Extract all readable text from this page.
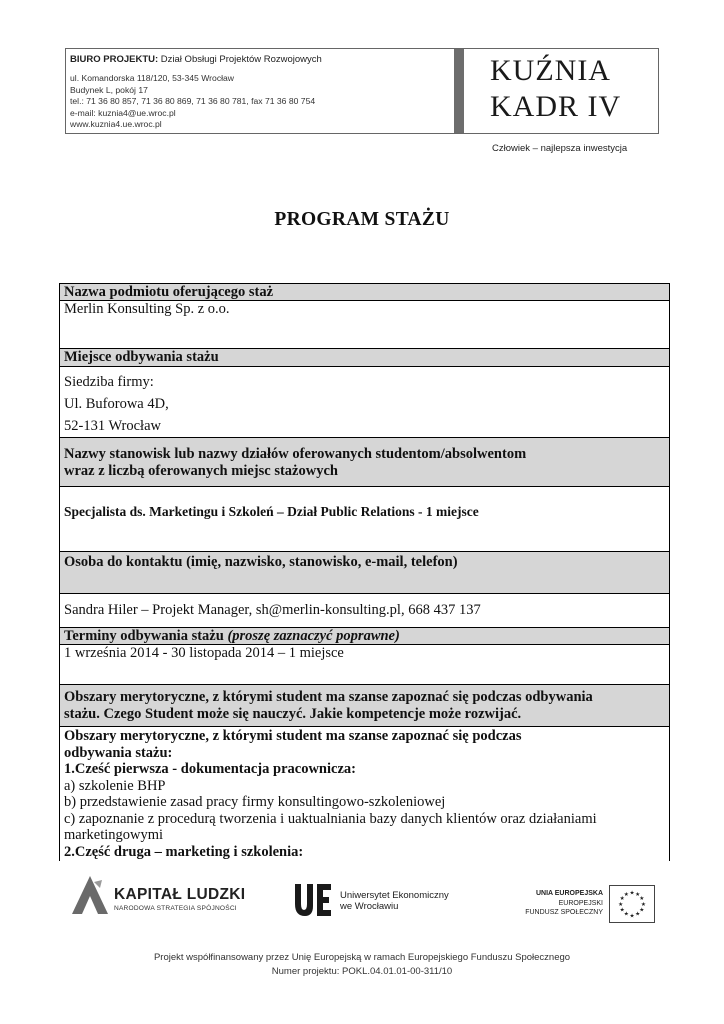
BIURO PROJEKTU: Dział Obsługi Projektów Rozwojowych
ul. Komandorska 118/120, 53-345 Wrocław
Budynek L, pokój 17
tel.: 71 36 80 857, 71 36 80 869, 71 36 80 781, fax 71 36 80 754
e-mail: kuznia4@ue.wroc.pl
www.kuznia4.ue.wroc.pl
KUŹNIA
KADR IV
Człowiek – najlepsza inwestycja
PROGRAM STAŻU
Nazwa podmiotu oferującego staż
Merlin Konsulting Sp. z o.o.
Miejsce odbywania stażu
Siedziba firmy:
Ul. Buforowa 4D,
52-131 Wrocław
Nazwy stanowisk lub nazwy działów oferowanych studentom/absolwentom
wraz z liczbą oferowanych miejsc stażowych
Specjalista ds. Marketingu i Szkoleń – Dział Public Relations - 1 miejsce
Osoba do kontaktu (imię, nazwisko, stanowisko, e-mail, telefon)
Sandra Hiler – Projekt Manager, sh@merlin-konsulting.pl, 668 437 137
Terminy odbywania stażu (proszę zaznaczyć poprawne)
1 września 2014 - 30 listopada 2014 – 1 miejsce
Obszary merytoryczne, z którymi student ma szanse zapoznać się podczas odbywania
stażu. Czego Student może się nauczyć. Jakie kompetencje może rozwijać.
Obszary merytoryczne, z którymi student ma szanse zapoznać się podczas
odbywania stażu:
1.Cześć pierwsza - dokumentacja pracownicza:
a) szkolenie BHP
b) przedstawienie zasad pracy firmy konsultingowo-szkoleniowej
c) zapoznanie z procedurą tworzenia i uaktualniania bazy danych klientów oraz działaniami
marketingowymi
2.Część druga – marketing i szkolenia:
KAPITAŁ LUDZKI
NARODOWA STRATEGIA SPÓJNOŚCI
Uniwersytet Ekonomiczny
we Wrocławiu
UNIA EUROPEJSKA
EUROPEJSKI
FUNDUSZ SPOŁECZNY
★ ★
★
★
★
★
★
★
★
★
★
★
Projekt współfinansowany przez Unię Europejską w ramach Europejskiego Funduszu Społecznego
Numer projektu: POKL.04.01.01-00-311/10
